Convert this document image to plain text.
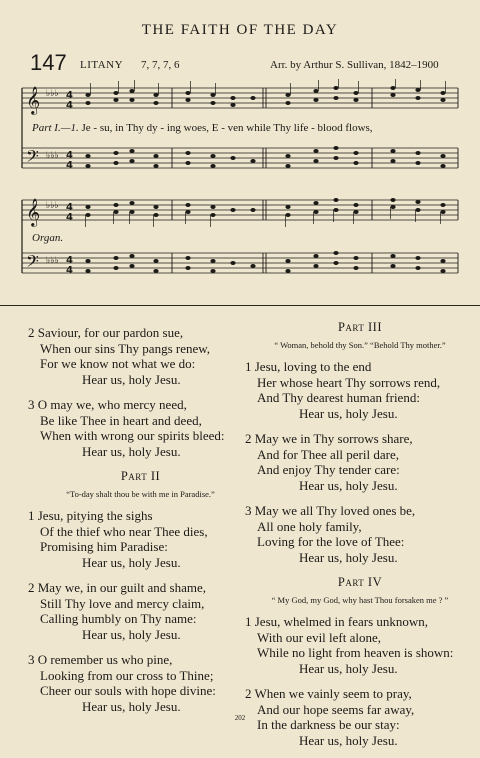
THE FAITH OF THE DAY
147 LITANY 7, 7, 7, 6	Arr. by Arthur S. Sullivan, 1842–1900
𝄞
𝄢
𝄞
𝄢
♭♭♭
♭♭♭
♭♭♭
♭♭♭
4
4
4
4
4
4
4
4
Part I.—1. Je - su, in Thy dy - ing woes, E - ven while Thy life - blood flows,
Organ.
2 Saviour, for our pardon sue,
When our sins Thy pangs renew,
For we know not what we do:
Hear us, holy Jesu.
3 O may we, who mercy need,
Be like Thee in heart and deed,
When with wrong our spirits bleed:
Hear us, holy Jesu.
Part II
“To-day shalt thou be with me in Paradise.”
1 Jesu, pitying the sighs
Of the thief who near Thee dies,
Promising him Paradise:
Hear us, holy Jesu.
2 May we, in our guilt and shame,
Still Thy love and mercy claim,
Calling humbly on Thy name:
Hear us, holy Jesu.
3 O remember us who pine,
Looking from our cross to Thine;
Cheer our souls with hope divine:
Hear us, holy Jesu.
Part III
“ Woman, behold thy Son.” “Behold Thy mother.”
1 Jesu, loving to the end
Her whose heart Thy sorrows rend,
And Thy dearest human friend:
Hear us, holy Jesu.
2 May we in Thy sorrows share,
And for Thee all peril dare,
And enjoy Thy tender care:
Hear us, holy Jesu.
3 May we all Thy loved ones be,
All one holy family,
Loving for the love of Thee:
Hear us, holy Jesu.
Part IV
“ My God, my God, why hast Thou forsaken me ? ”
1 Jesu, whelmed in fears unknown,
With our evil left alone,
While no light from heaven is shown:
Hear us, holy Jesu.
2 When we vainly seem to pray,
And our hope seems far away,
In the darkness be our stay:
Hear us, holy Jesu.
202
